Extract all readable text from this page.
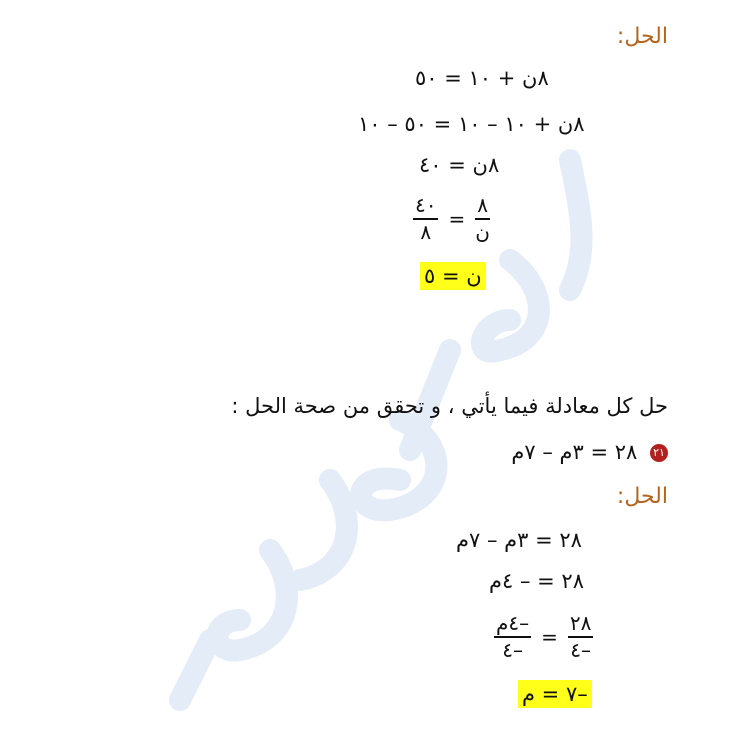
الحل:
٨ن + ١٠ = ٥٠
٨ن + ١٠ – ١٠ = ٥٠ – ١٠
٨ن = ٤٠
$\frac{٨}{\text{ن}}$
=
$\frac{٤٠}{٨}$
ن = ٥
حل كل معادلة فيما يأتي ، و تحقق من صحة الحل :
٢١ ٢٨ = ٣م – ٧م
الحل:
٢٨ = ٣م – ٧م
٢٨ = – ٤م
$\frac{٢٨}{-٤}$
=
$\frac{\text{–٤م}}{-٤}$
–٧ = م
